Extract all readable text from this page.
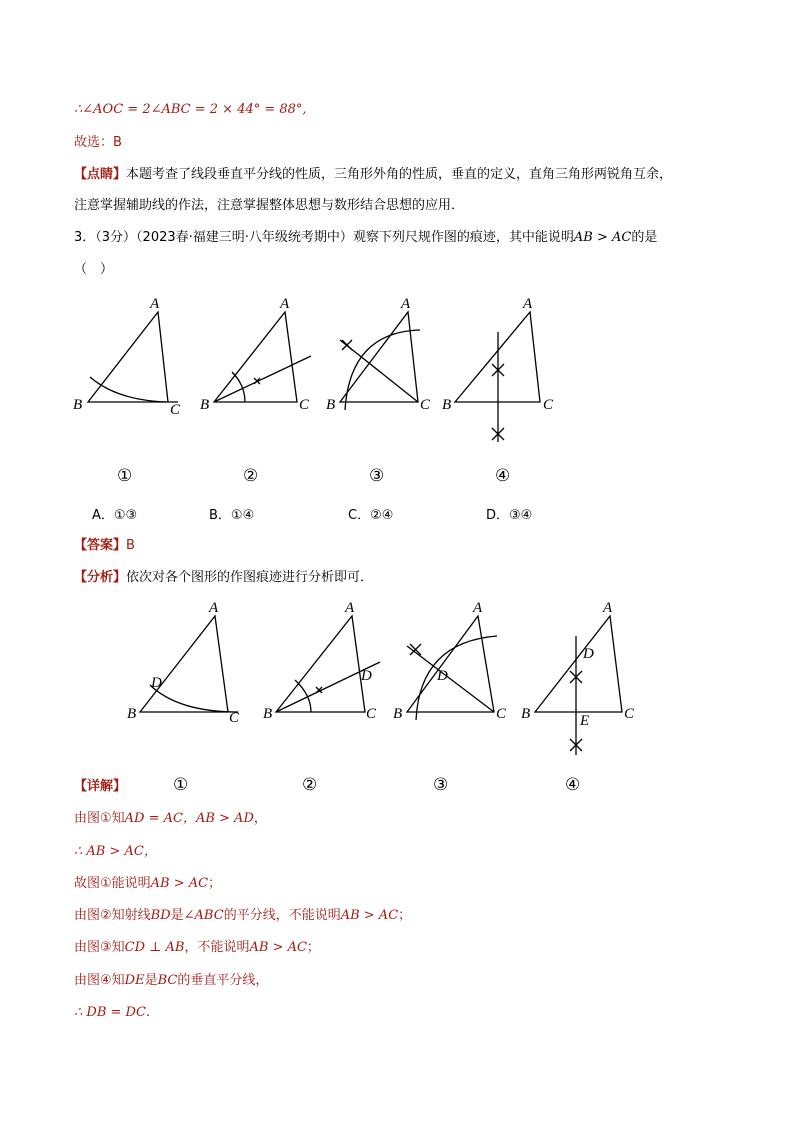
∴∠AOC = 2∠ABC = 2 × 44° = 88°,
故选：B
【点睛】本题考查了线段垂直平分线的性质，三角形外角的性质，垂直的定义，直角三角形两锐角互余，
注意掌握辅助线的作法，注意掌握整体思想与数形结合思想的应用．
3．（3分）（2023春·福建三明·八年级统考期中）观察下列尺规作图的痕迹，其中能说明AB > AC的是
（　）
A
B	C
A
B	C
A
B	C
A
B	C
①	②	③	④
A．①③	B．①④	C．②④	D．③④
【答案】B
【分析】依次对各个图形的作图痕迹进行分析即可．
A
B	C
D
A
B	C
D
A
B	C
D
A
B	C
D
E
①	②	③	④
【详解】
由图①知AD = AC，AB > AD，
∴ AB > AC，
故图①能说明AB > AC；
由图②知射线BD是∠ABC的平分线，不能说明AB > AC；
由图③知CD ⊥ AB，不能说明AB > AC；
由图④知DE是BC的垂直平分线，
∴ DB = DC．
